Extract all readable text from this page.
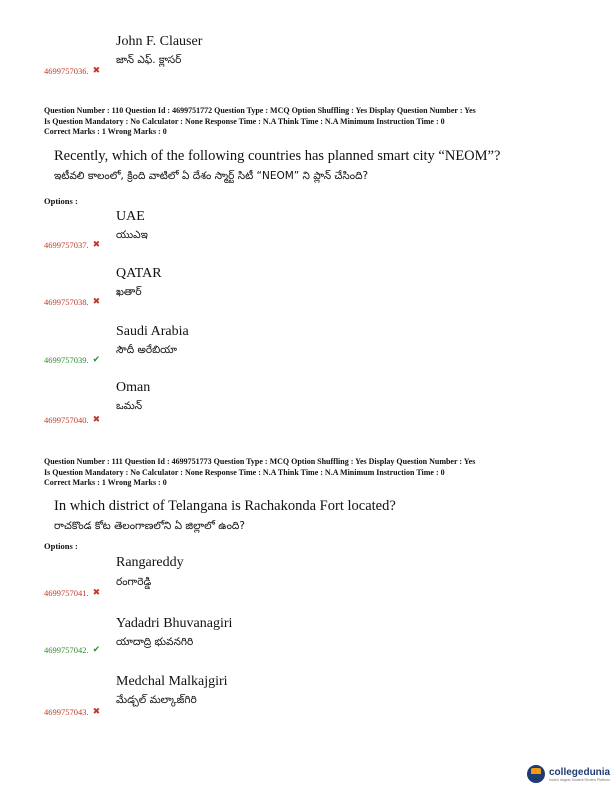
John F. Clauser
జాన్ ఎఫ్. క్లాసర్
4699757036. ✖
Question Number : 110 Question Id : 4699751772 Question Type : MCQ Option Shuffling : Yes Display Question Number : Yes
Is Question Mandatory : No Calculator : None Response Time : N.A Think Time : N.A Minimum Instruction Time : 0
Correct Marks : 1 Wrong Marks : 0
Recently, which of the following countries has planned smart city “NEOM”?
ఇటీవలి కాలంలో, క్రింది వాటిలో ఏ దేశం స్మార్ట్ సిటీ “NEOM” ని ప్లాన్ చేసింది?
Options :
UAE
యుఎఇ
4699757037. ✖
QATAR
ఖతార్
4699757038. ✖
Saudi Arabia
సౌదీ అరేబియా
4699757039. ✔
Oman
ఒమన్
4699757040. ✖
Question Number : 111 Question Id : 4699751773 Question Type : MCQ Option Shuffling : Yes Display Question Number : Yes
Is Question Mandatory : No Calculator : None Response Time : N.A Think Time : N.A Minimum Instruction Time : 0
Correct Marks : 1 Wrong Marks : 0
In which district of Telangana is Rachakonda Fort located?
రాచకొండ కోట తెలంగాణలోని ఏ జిల్లాలో ఉంది?
Options :
Rangareddy
రంగారెడ్డి
4699757041. ✖
Yadadri Bhuvanagiri
యాదాద్రి భువనగిరి
4699757042. ✔
Medchal Malkajgiri
మేడ్చల్ మల్కాజ్‌గిరి
4699757043. ✖
collegedunia
India's largest Student Review Platform
